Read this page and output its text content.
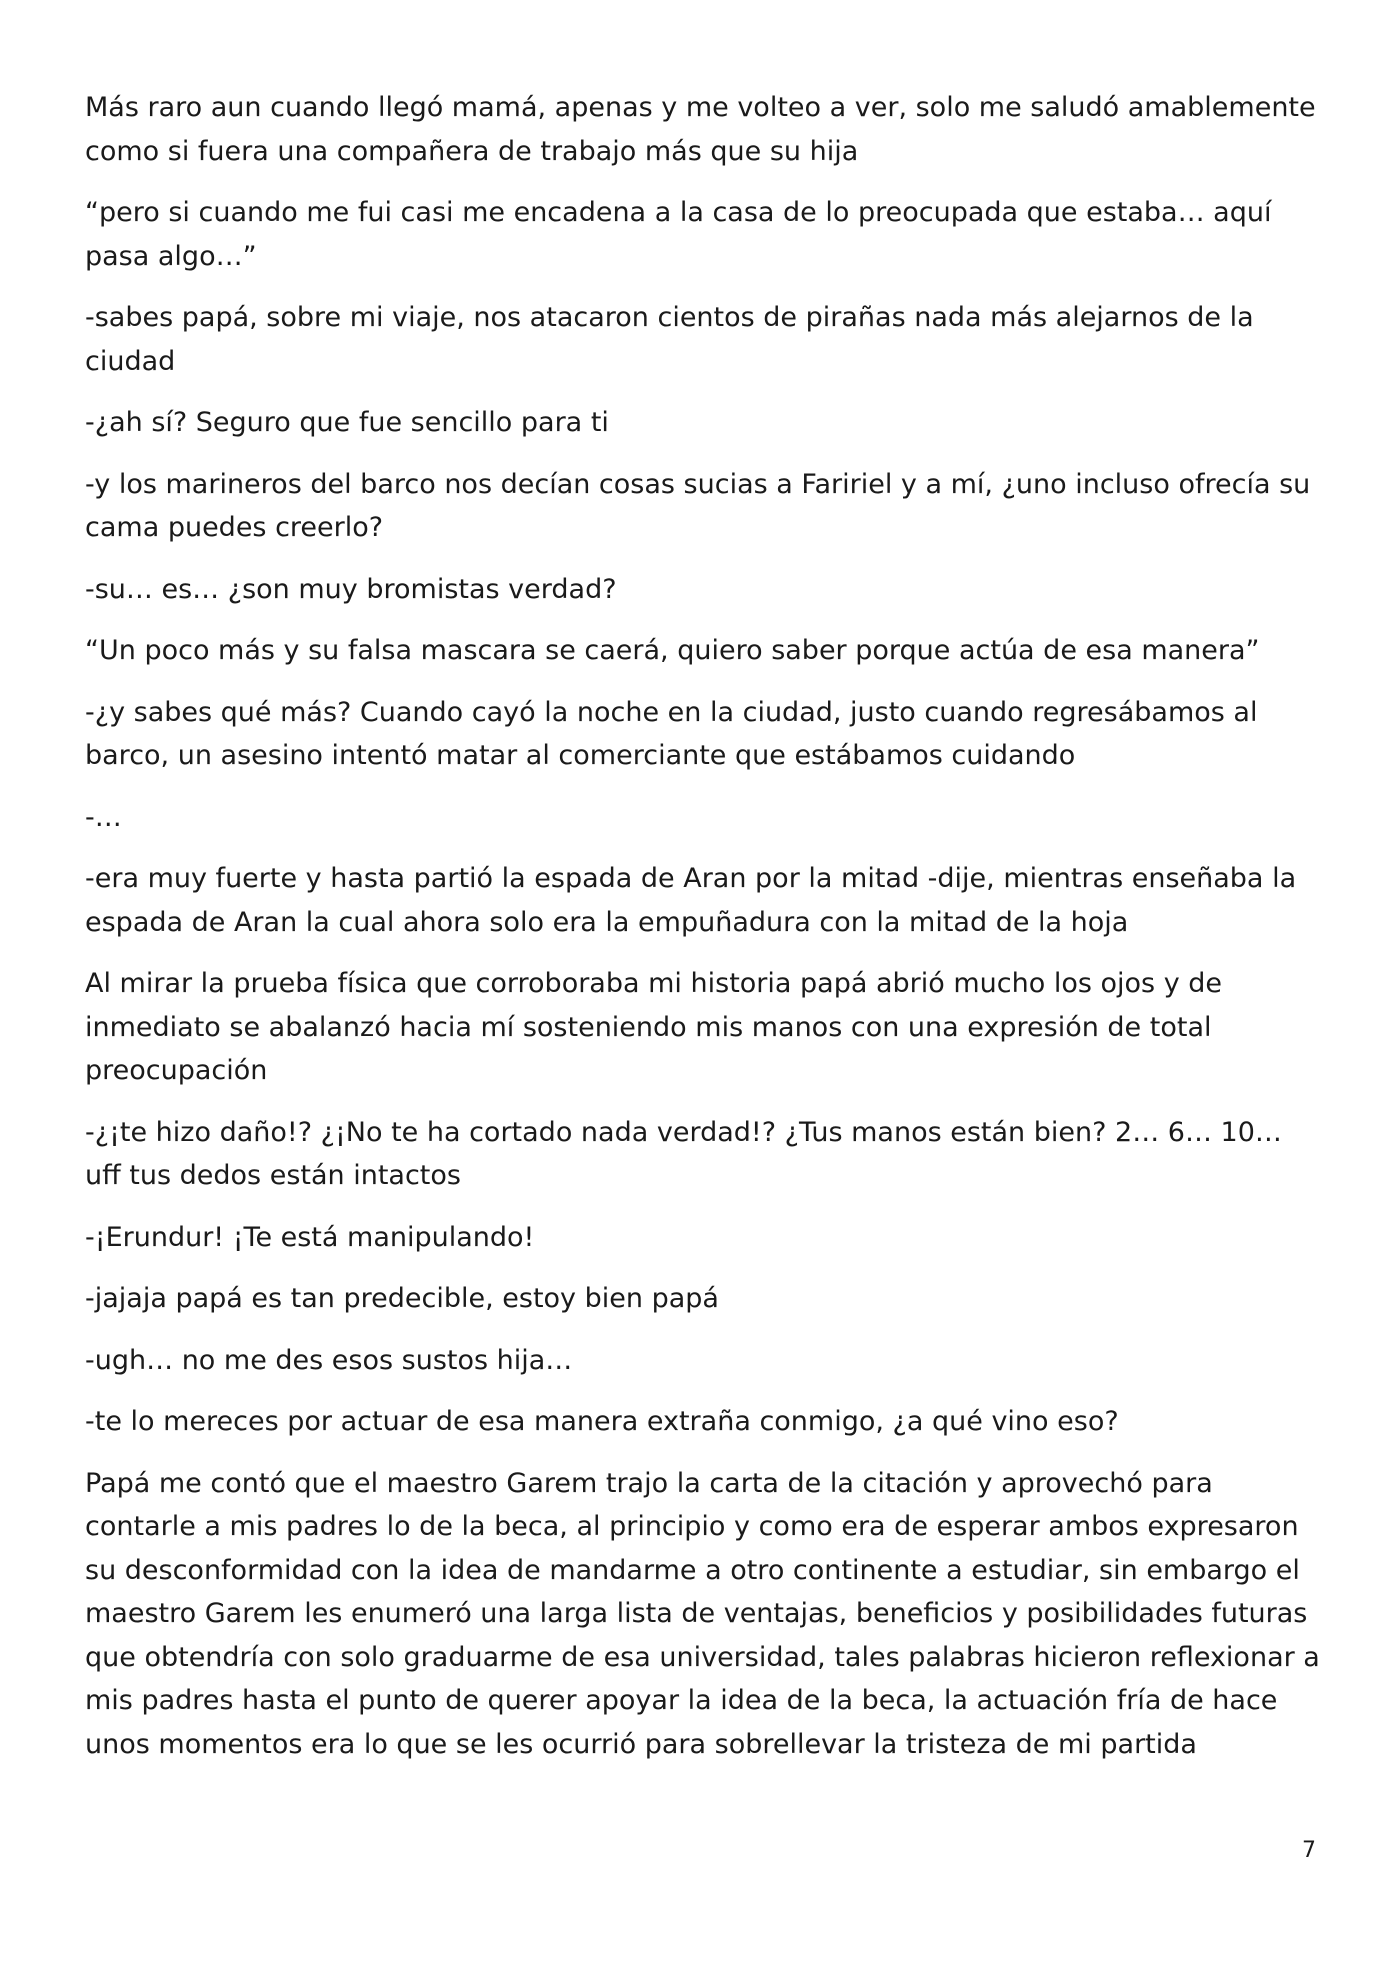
Más raro aun cuando llegó mamá, apenas y me volteo a ver, solo me saludó amablemente como si fuera una compañera de trabajo más que su hija

“pero si cuando me fui casi me encadena a la casa de lo preocupada que estaba… aquí pasa algo…”

-sabes papá, sobre mi viaje, nos atacaron cientos de pirañas nada más alejarnos de la ciudad

-¿ah sí? Seguro que fue sencillo para ti

-y los marineros del barco nos decían cosas sucias a Faririel y a mí, ¿uno incluso ofrecía su cama puedes creerlo?

-su… es… ¿son muy bromistas verdad?

“Un poco más y su falsa mascara se caerá, quiero saber porque actúa de esa manera”

-¿y sabes qué más? Cuando cayó la noche en la ciudad, justo cuando regresábamos al barco, un asesino intentó matar al comerciante que estábamos cuidando

-…

-era muy fuerte y hasta partió la espada de Aran por la mitad -dije, mientras enseñaba la espada de Aran la cual ahora solo era la empuñadura con la mitad de la hoja

Al mirar la prueba física que corroboraba mi historia papá abrió mucho los ojos y de inmediato se abalanzó hacia mí sosteniendo mis manos con una expresión de total preocupación

-¿¡te hizo daño!? ¿¡No te ha cortado nada verdad!? ¿Tus manos están bien? 2… 6… 10… uff tus dedos están intactos

-¡Erundur! ¡Te está manipulando!

-jajaja papá es tan predecible, estoy bien papá

-ugh… no me des esos sustos hija…

-te lo mereces por actuar de esa manera extraña conmigo, ¿a qué vino eso?

Papá me contó que el maestro Garem trajo la carta de la citación y aprovechó para contarle a mis padres lo de la beca, al principio y como era de esperar ambos expresaron su desconformidad con la idea de mandarme a otro continente a estudiar, sin embargo el maestro Garem les enumeró una larga lista de ventajas, beneficios y posibilidades futuras que obtendría con solo graduarme de esa universidad, tales palabras hicieron reflexionar a mis padres hasta el punto de querer apoyar la idea de la beca, la actuación fría de hace unos momentos era lo que se les ocurrió para sobrellevar la tristeza de mi partida

7
